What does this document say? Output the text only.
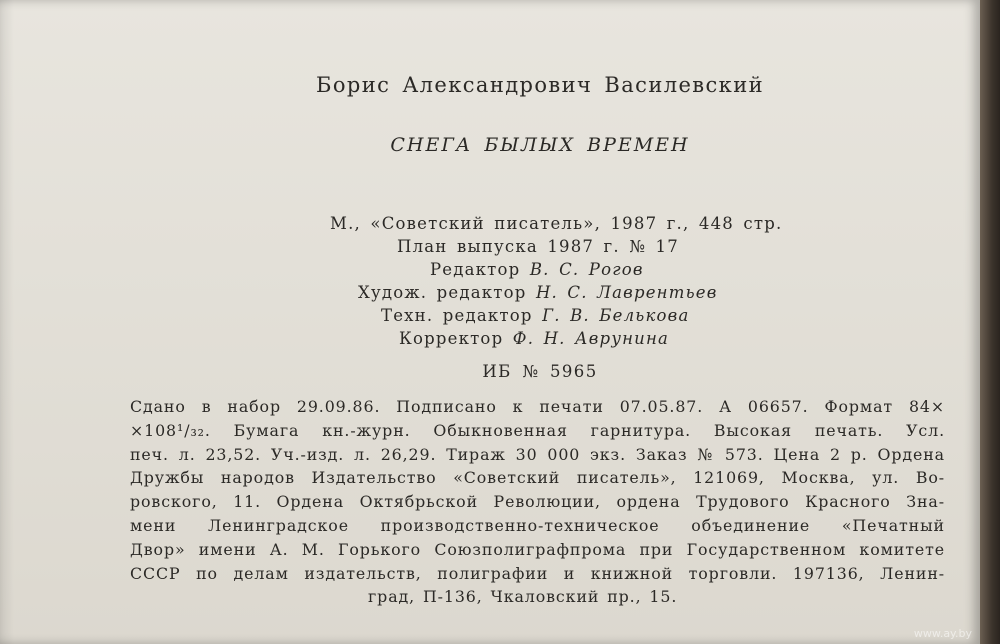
Борис Александрович Василевский
СНЕГА БЫЛЫХ ВРЕМЕН
М., «Советский писатель», 1987 г., 448 стр.
План выпуска 1987 г. № 17
Редактор В. С. Рогов
Худож. редактор Н. С. Лаврентьев
Техн. редактор Г. В. Белькова
Корректор Ф. Н. Аврунина
ИБ № 5965
Сдано в набор 29.09.86. Подписано к печати 07.05.87. А 06657. Формат 84×
×108¹/₃₂. Бумага кн.-журн. Обыкновенная гарнитура. Высокая печать. Усл.
печ. л. 23,52. Уч.-изд. л. 26,29. Тираж 30 000 экз. Заказ № 573. Цена 2 р. Ордена
Дружбы народов Издательство «Советский писатель», 121069, Москва, ул. Во-
ровского, 11. Ордена Октябрьской Революции, ордена Трудового Красного Зна-
мени Ленинградское производственно-техническое объединение «Печатный
Двор» имени А. М. Горького Союзполиграфпрома при Государственном комитете
СССР по делам издательств, полиграфии и книжной торговли. 197136, Ленин-
град, П-136, Чкаловский пр., 15.
www.ay.by
